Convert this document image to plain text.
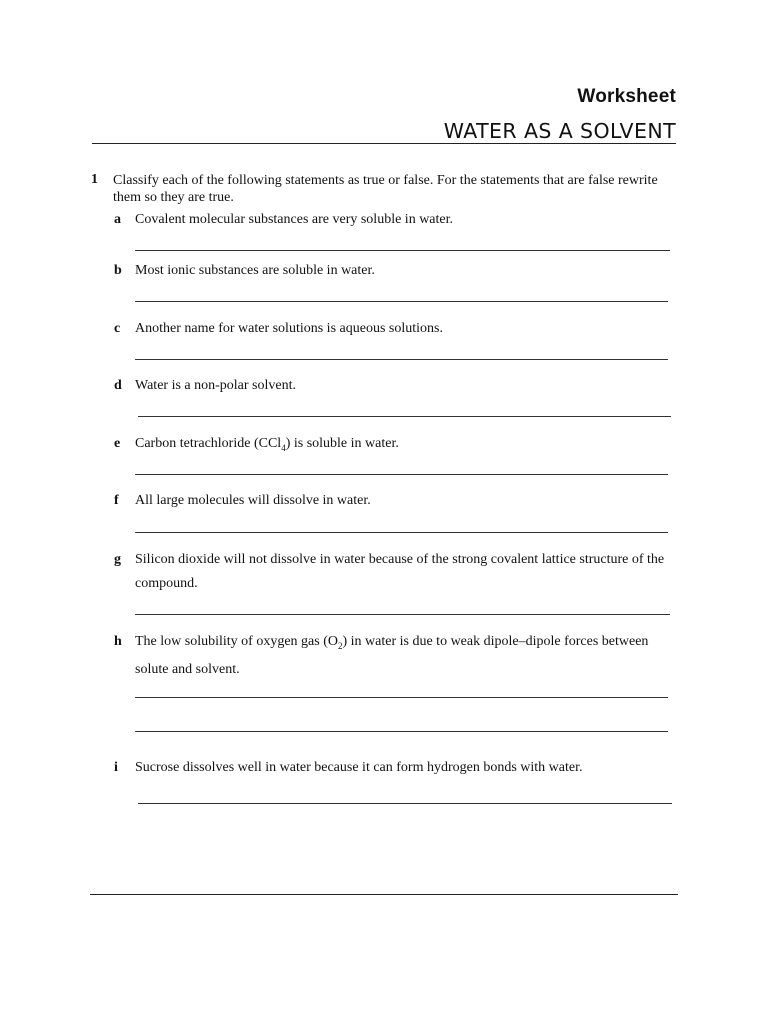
Worksheet
WATER AS A SOLVENT
1 Classify each of the following statements as true or false. For the statements that are false rewrite them so they are true.
a Covalent molecular substances are very soluble in water.
b Most ionic substances are soluble in water.
c Another name for water solutions is aqueous solutions.
d Water is a non-polar solvent.
e Carbon tetrachloride (CCl$_4$) is soluble in water.
f All large molecules will dissolve in water.
g Silicon dioxide will not dissolve in water because of the strong covalent lattice structure of the compound.
h The low solubility of oxygen gas $(O_2)$ in water is due to weak dipole–dipole forces between solute and solvent.
i Sucrose dissolves well in water because it can form hydrogen bonds with water.
